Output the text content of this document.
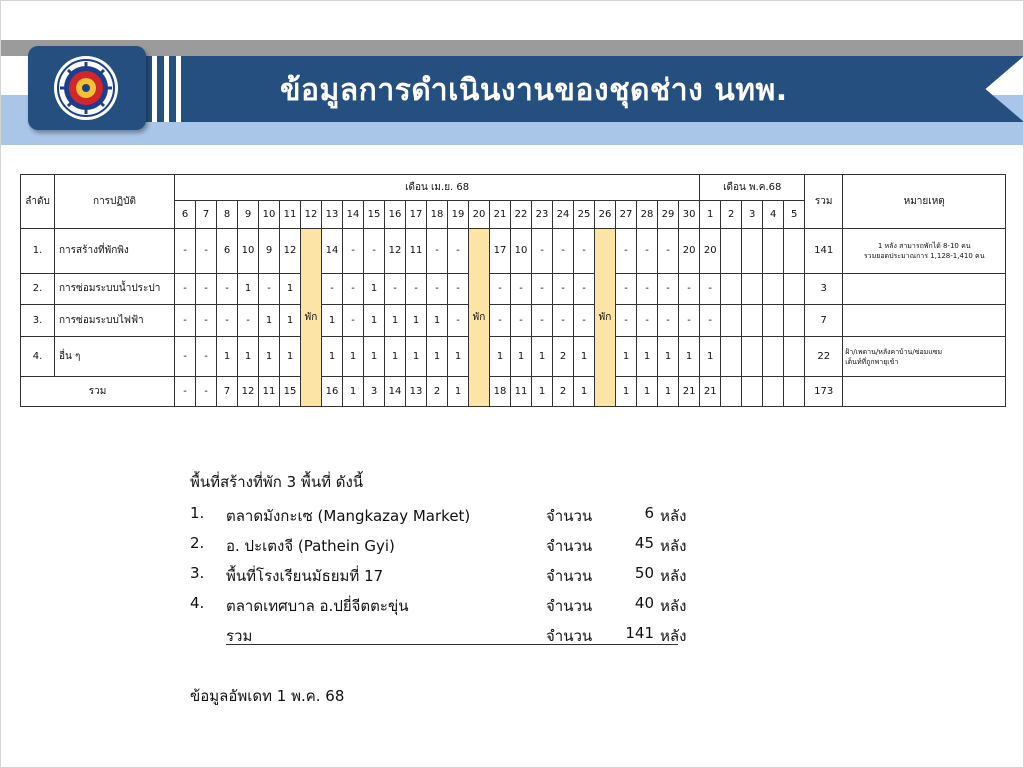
ข้อมูลการดำเนินงานของชุดช่าง นทพ.
ลำดับ	การปฏิบัติ	เดือน เม.ย. 68																									เดือน พ.ค.68					รวม	หมายเหตุ
		6	7	8	9	10	11	12	13	14	15	16	17	18	19	20	21	22	23	24	25	26	27	28	29	30	1	2	3	4	5		
1.	การสร้างที่พักพิง	-	-	6	10	9	12	พัก	14	-	-	12	11	-	-	พัก	17	10	-	-	-	พัก	-	-	-	20	20					141	1 หลัง สามารถพักได้ 8-10 คน
รวมยอดประมาณการ 1,128-1,410 คน

2.	การซ่อมระบบน้ำประปา	-	-	-	1	-	1		-	-	1	-	-	-	-		-	-	-	-	-		-	-	-	-	-					3	
3.	การซ่อมระบบไฟฟ้า	-	-	-	-	1	1		1	-	1	1	1	1	-		-	-	-	-	-		-	-	-	-	-					7	
4.	อื่น ๆ	-	-	1	1	1	1		1	1	1	1	1	1	1		1	1	1	2	1		1	1	1	1	1					22	ฝ้า/เพดาน/หลังคาบ้าน/ซ่อมแซม
เต็นท์ที่ถูกพายุเข้า

รวม		-	-	7	12	11	15		16	1	3	14	13	2	1		18	11	1	2	1		1	1	1	21	21					173	
พื้นที่สร้างที่พัก 3 พื้นที่ ดังนี้
1. ตลาดมังกะเซ (Mangkazay Market)	จำนวน	6 หลัง
2. อ. ปะเตงจี (Pathein Gyi)	จำนวน	45 หลัง
3. พื้นที่โรงเรียนมัธยมที่ 17	จำนวน	50 หลัง
4. ตลาดเทศบาล อ.ปยี่จีตตะขุ่น	จำนวน	40 หลัง
รวม	จำนวน	141 หลัง
ข้อมูลอัพเดท 1 พ.ค. 68
